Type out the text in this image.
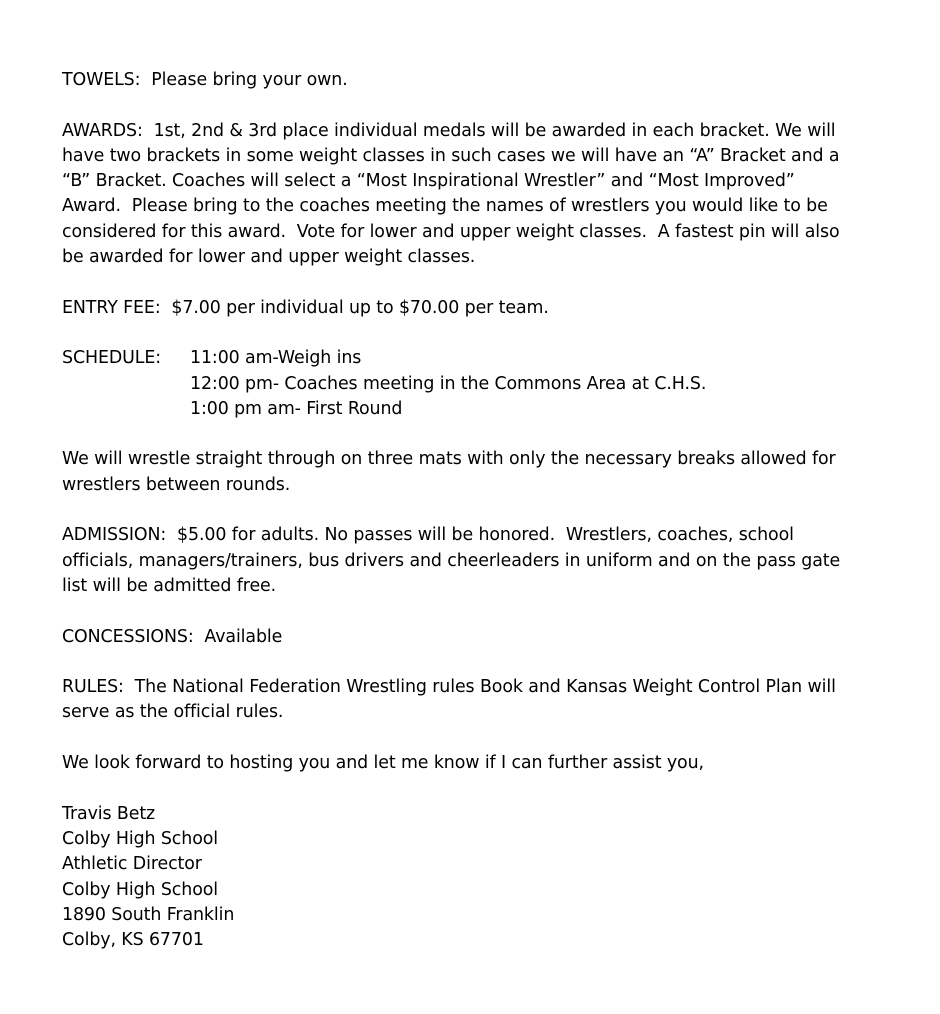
TOWELS:  Please bring your own.

AWARDS:  1st, 2nd & 3rd place individual medals will be awarded in each bracket. We will have two brackets in some weight classes in such cases we will have an “A” Bracket and a “B” Bracket. Coaches will select a “Most Inspirational Wrestler” and “Most Improved” Award.  Please bring to the coaches meeting the names of wrestlers you would like to be considered for this award.  Vote for lower and upper weight classes.  A fastest pin will also be awarded for lower and upper weight classes.

ENTRY FEE:  $7.00 per individual up to $70.00 per team.

SCHEDULE:	11:00 am-Weigh ins
12:00 pm- Coaches meeting in the Commons Area at C.H.S.
1:00 pm am- First Round

We will wrestle straight through on three mats with only the necessary breaks allowed for wrestlers between rounds.

ADMISSION:  $5.00 for adults. No passes will be honored.  Wrestlers, coaches, school officials, managers/trainers, bus drivers and cheerleaders in uniform and on the pass gate list will be admitted free.

CONCESSIONS:  Available

RULES:  The National Federation Wrestling rules Book and Kansas Weight Control Plan will serve as the official rules.

We look forward to hosting you and let me know if I can further assist you,

Travis Betz
Colby High School
Athletic Director
Colby High School
1890 South Franklin
Colby, KS 67701
